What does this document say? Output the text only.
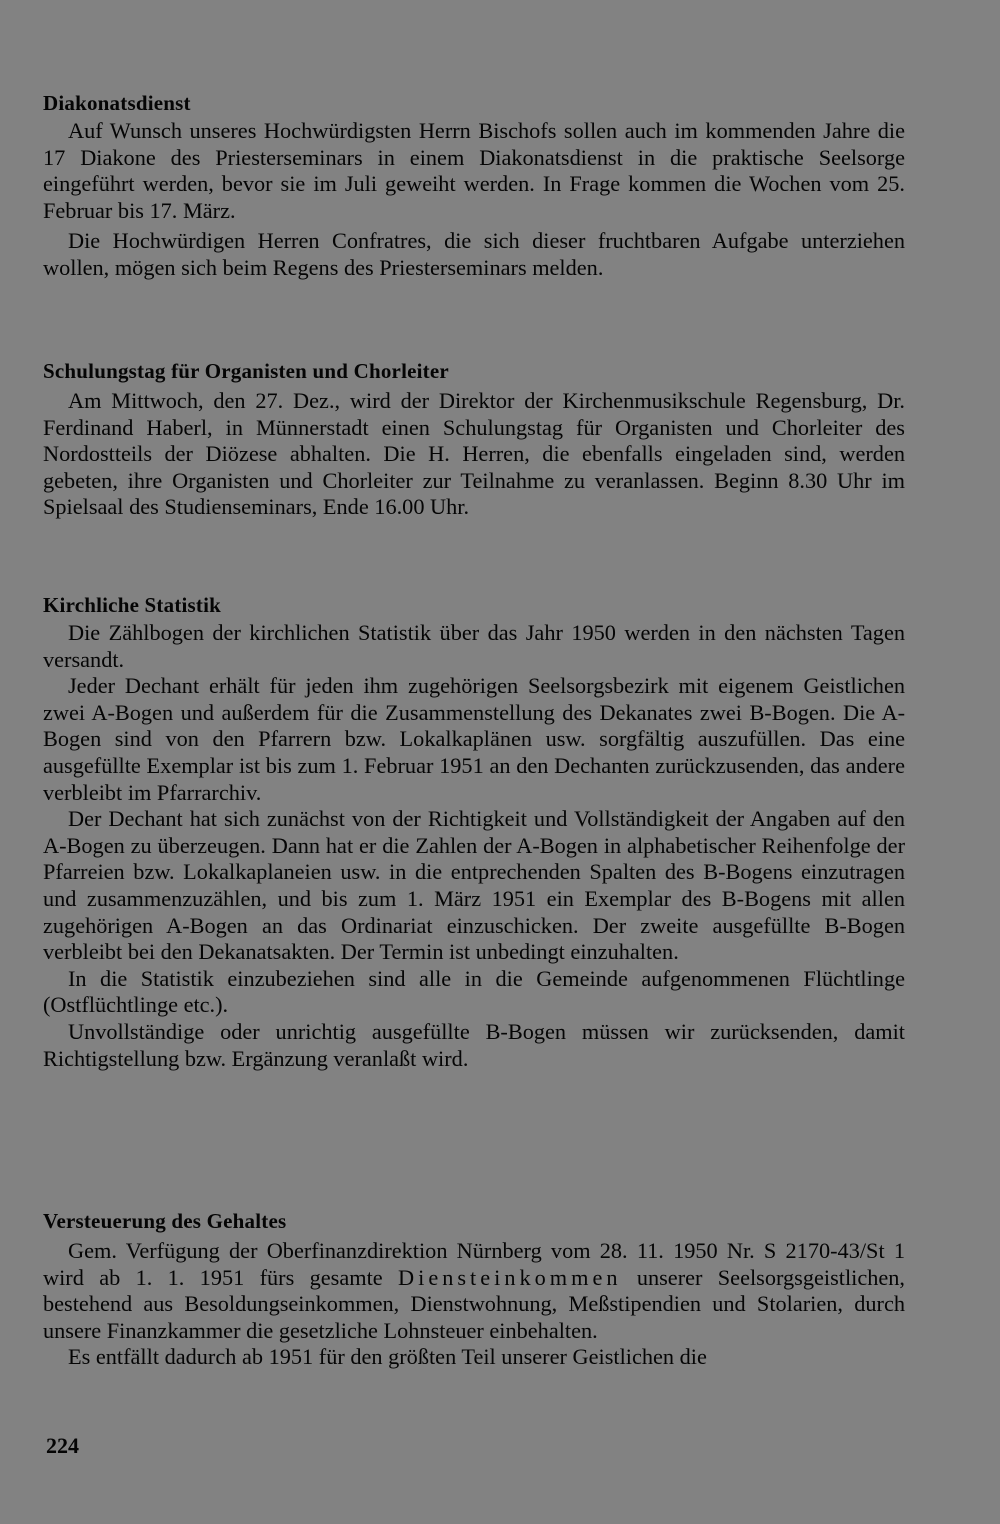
Diakonatsdienst

Auf Wunsch unseres Hochwürdigsten Herrn Bischofs sollen auch im kommenden Jahre die 17 Diakone des Priesterseminars in einem Diakonatsdienst in die praktische Seelsorge eingeführt werden, bevor sie im Juli geweiht werden. In Frage kommen die Wochen vom 25. Februar bis 17. März.

Die Hochwürdigen Herren Confratres, die sich dieser fruchtbaren Aufgabe unterziehen wollen, mögen sich beim Regens des Priesterseminars melden.

Schulungstag für Organisten und Chorleiter

Am Mittwoch, den 27. Dez., wird der Direktor der Kirchenmusikschule Regensburg, Dr. Ferdinand Haberl, in Münnerstadt einen Schulungstag für Organisten und Chorleiter des Nordostteils der Diözese abhalten. Die H. Herren, die ebenfalls eingeladen sind, werden gebeten, ihre Organisten und Chorleiter zur Teilnahme zu veranlassen. Beginn 8.30 Uhr im Spielsaal des Studienseminars, Ende 16.00 Uhr.

Kirchliche Statistik

Die Zählbogen der kirchlichen Statistik über das Jahr 1950 werden in den nächsten Tagen versandt.

Jeder Dechant erhält für jeden ihm zugehörigen Seelsorgsbezirk mit eigenem Geistlichen zwei A-Bogen und außerdem für die Zusammenstellung des Dekanates zwei B-Bogen. Die A-Bogen sind von den Pfarrern bzw. Lokalkaplänen usw. sorgfältig auszufüllen. Das eine ausgefüllte Exemplar ist bis zum 1. Februar 1951 an den Dechanten zurückzusenden, das andere verbleibt im Pfarrarchiv.

Der Dechant hat sich zunächst von der Richtigkeit und Vollständigkeit der Angaben auf den A-Bogen zu überzeugen. Dann hat er die Zahlen der A-Bogen in alphabetischer Reihenfolge der Pfarreien bzw. Lokalkaplaneien usw. in die entprechenden Spalten des B-Bogens einzutragen und zusammenzuzählen, und bis zum 1. März 1951 ein Exemplar des B-Bogens mit allen zugehörigen A-Bogen an das Ordinariat einzuschicken. Der zweite ausgefüllte B-Bogen verbleibt bei den Dekanatsakten. Der Termin ist unbedingt einzuhalten.

In die Statistik einzubeziehen sind alle in die Gemeinde aufgenommenen Flüchtlinge (Ostflüchtlinge etc.).

Unvollständige oder unrichtig ausgefüllte B-Bogen müssen wir zurücksenden, damit Richtigstellung bzw. Ergänzung veranlaßt wird.

Versteuerung des Gehaltes

Gem. Verfügung der Oberfinanzdirektion Nürnberg vom 28. 11. 1950 Nr. S 2170-43/St 1 wird ab 1. 1. 1951 fürs gesamte Diensteinkommen unserer Seelsorgsgeistlichen, bestehend aus Besoldungseinkommen, Dienstwohnung, Meßstipendien und Stolarien, durch unsere Finanzkammer die gesetzliche Lohnsteuer einbehalten.

Es entfällt dadurch ab 1951 für den größten Teil unserer Geistlichen die

224
